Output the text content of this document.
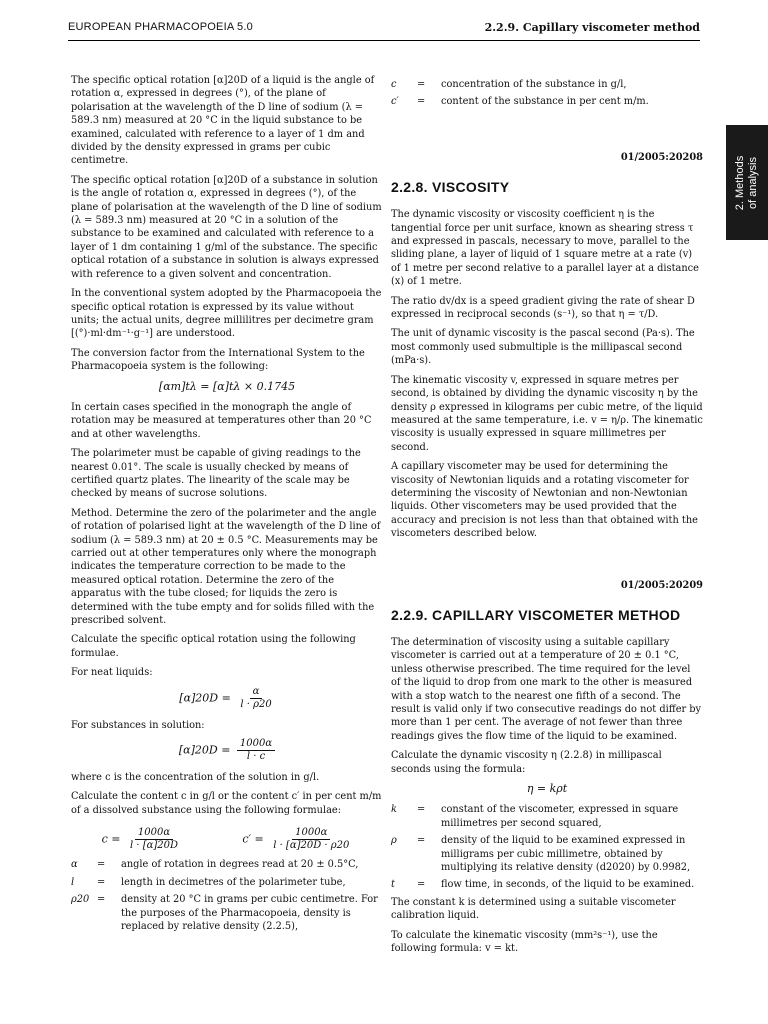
EUROPEAN PHARMACOPOEIA 5.0	2.2.9. Capillary viscometer method
2. Methods
of analysis

The specific optical rotation [α]20D of a liquid is the angle of rotation α, expressed in degrees (°), of the plane of polarisation at the wavelength of the D line of sodium (λ = 589.3 nm) measured at 20 °C in the liquid substance to be examined, calculated with reference to a layer of 1 dm and divided by the density expressed in grams per cubic centimetre.

The specific optical rotation [α]20D of a substance in solution is the angle of rotation α, expressed in degrees (°), of the plane of polarisation at the wavelength of the D line of sodium (λ = 589.3 nm) measured at 20 °C in a solution of the substance to be examined and calculated with reference to a layer of 1 dm containing 1 g/ml of the substance. The specific optical rotation of a substance in solution is always expressed with reference to a given solvent and concentration.

In the conventional system adopted by the Pharmacopoeia the specific optical rotation is expressed by its value without units; the actual units, degree millilitres per decimetre gram [(°)·ml·dm⁻¹·g⁻¹] are understood.

The conversion factor from the International System to the Pharmacopoeia system is the following:

[αm]tλ = [α]tλ × 0.1745

In certain cases specified in the monograph the angle of rotation may be measured at temperatures other than 20 °C and at other wavelengths.

The polarimeter must be capable of giving readings to the nearest 0.01°. The scale is usually checked by means of certified quartz plates. The linearity of the scale may be checked by means of sucrose solutions.

Method. Determine the zero of the polarimeter and the angle of rotation of polarised light at the wavelength of the D line of sodium (λ = 589.3 nm) at 20 ± 0.5 °C. Measurements may be carried out at other temperatures only where the monograph indicates the temperature correction to be made to the measured optical rotation. Determine the zero of the apparatus with the tube closed; for liquids the zero is determined with the tube empty and for solids filled with the prescribed solvent.

Calculate the specific optical rotation using the following formulae.

For neat liquids:

$[\alpha]20D = \frac{\alpha}{l \cdot \rho 20}$

For substances in solution:

$[\alpha]20D = \frac{1000\alpha}{l \cdot c}$

where c is the concentration of the solution in g/l.

Calculate the content c in g/l or the content c′ in per cent m/m of a dissolved substance using the following formulae:

$c = \frac{1000\alpha}{l \cdot [\alpha]20D}$	$c' = \frac{1000\alpha}{l \cdot [\alpha]20D \cdot \rho 20}$
α	=	angle of rotation in degrees read at 20 ± 0.5°C,
l	=	length in decimetres of the polarimeter tube,
ρ20 =	density at 20 °C in grams per cubic centimetre. For the purposes of the Pharmacopoeia, density is replaced by relative density (2.2.5),
c	=	concentration of the substance in g/l,
c′	=	content of the substance in per cent m/m.
01/2005:20208
2.2.8. VISCOSITY

The dynamic viscosity or viscosity coefficient η is the tangential force per unit surface, known as shearing stress τ and expressed in pascals, necessary to move, parallel to the sliding plane, a layer of liquid of 1 square metre at a rate (v) of 1 metre per second relative to a parallel layer at a distance (x) of 1 metre.

The ratio dv/dx is a speed gradient giving the rate of shear D expressed in reciprocal seconds (s⁻¹), so that η = τ/D.

The unit of dynamic viscosity is the pascal second (Pa·s). The most commonly used submultiple is the millipascal second (mPa·s).

The kinematic viscosity v, expressed in square metres per second, is obtained by dividing the dynamic viscosity η by the density ρ expressed in kilograms per cubic metre, of the liquid measured at the same temperature, i.e. v = η/ρ. The kinematic viscosity is usually expressed in square millimetres per second.

A capillary viscometer may be used for determining the viscosity of Newtonian liquids and a rotating viscometer for determining the viscosity of Newtonian and non-Newtonian liquids. Other viscometers may be used provided that the accuracy and precision is not less than that obtained with the viscometers described below.

01/2005:20209
2.2.9. CAPILLARY VISCOMETER METHOD

The determination of viscosity using a suitable capillary viscometer is carried out at a temperature of 20 ± 0.1 °C, unless otherwise prescribed. The time required for the level of the liquid to drop from one mark to the other is measured with a stop watch to the nearest one fifth of a second. The result is valid only if two consecutive readings do not differ by more than 1 per cent. The average of not fewer than three readings gives the flow time of the liquid to be examined.

Calculate the dynamic viscosity η (2.2.8) in millipascal seconds using the formula:

η = kρt
k	=	constant of the viscometer, expressed in square millimetres per second squared,
ρ	=	density of the liquid to be examined expressed in milligrams per cubic millimetre, obtained by multiplying its relative density (d2020) by 0.9982,
t	=	flow time, in seconds, of the liquid to be examined.

The constant k is determined using a suitable viscometer calibration liquid.

To calculate the kinematic viscosity (mm²s⁻¹), use the following formula: v = kt.
